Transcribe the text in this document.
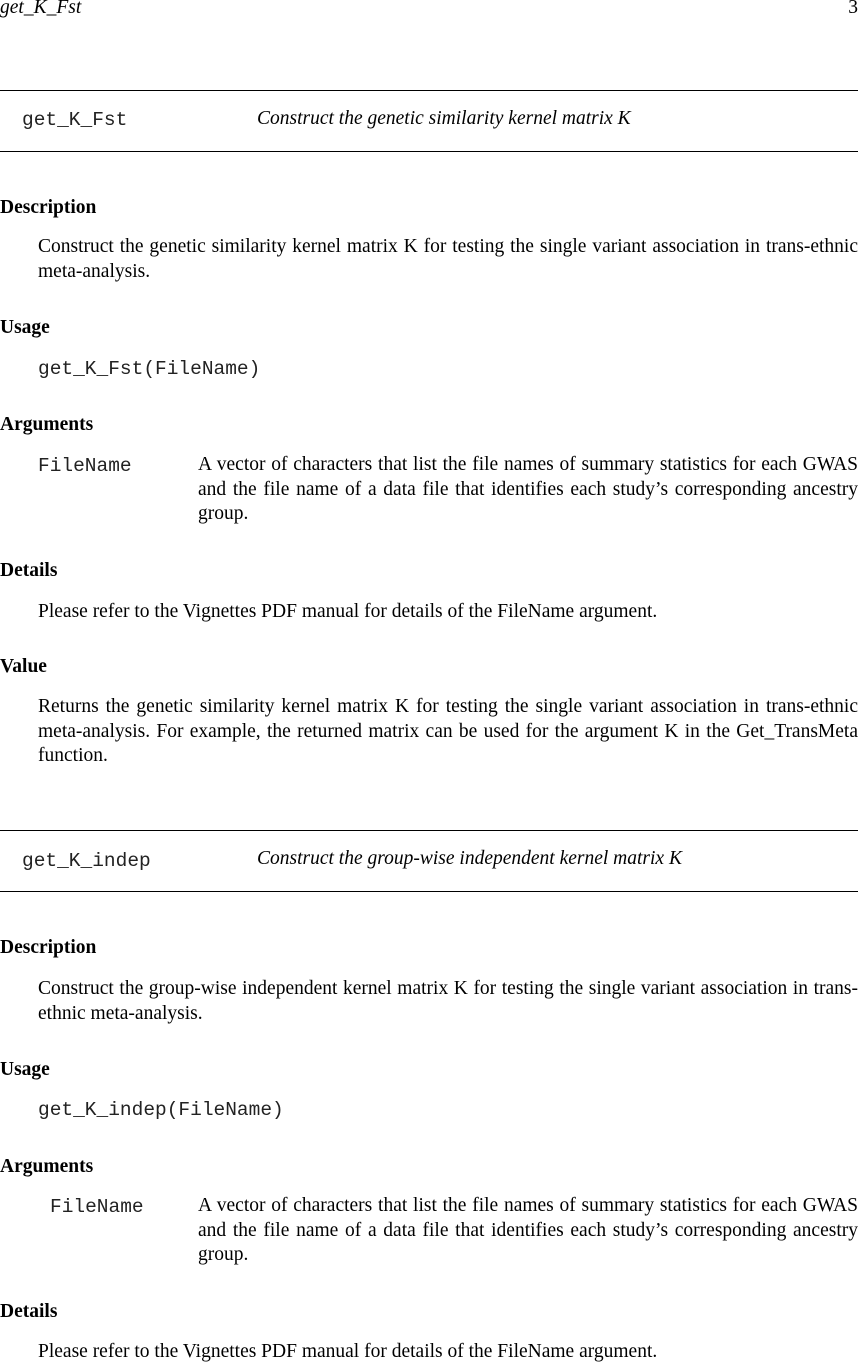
get_K_Fst	3
get_K_Fst	Construct the genetic similarity kernel matrix K
Description
Construct the genetic similarity kernel matrix K for testing the single variant association in trans-ethnic meta-analysis.
Usage
get_K_Fst(FileName)
Arguments
FileName	A vector of characters that list the file names of summary statistics for each GWAS and the file name of a data file that identifies each study’s corresponding ancestry group.
Details
Please refer to the Vignettes PDF manual for details of the FileName argument.
Value
Returns the genetic similarity kernel matrix K for testing the single variant association in trans-ethnic meta-analysis. For example, the returned matrix can be used for the argument K in the Get_TransMeta function.
get_K_indep	Construct the group-wise independent kernel matrix K
Description
Construct the group-wise independent kernel matrix K for testing the single variant association in trans-ethnic meta-analysis.
Usage
get_K_indep(FileName)
Arguments
FileName	A vector of characters that list the file names of summary statistics for each GWAS and the file name of a data file that identifies each study’s corresponding ancestry group.
Details
Please refer to the Vignettes PDF manual for details of the FileName argument.
